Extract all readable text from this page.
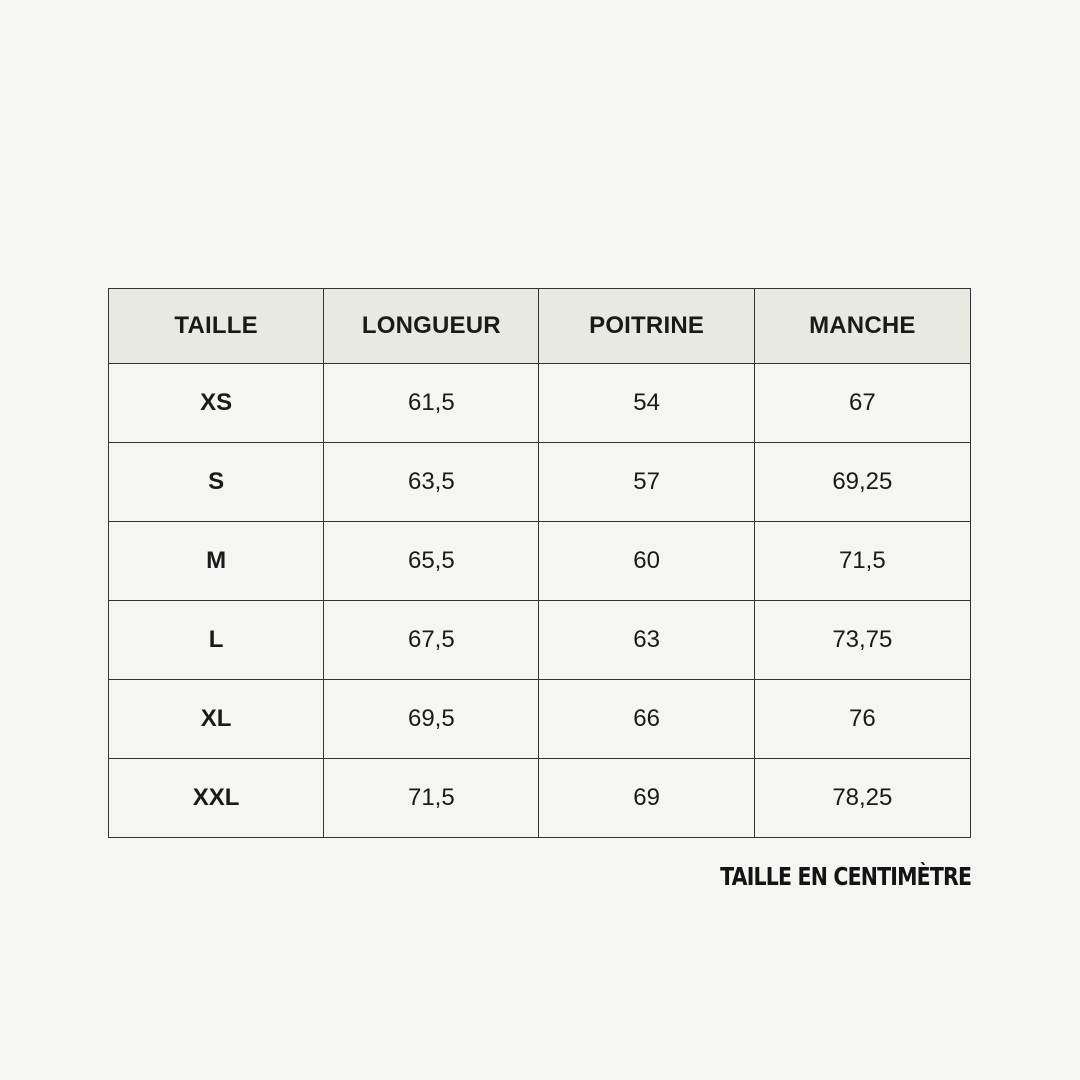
TAILLE	LONGUEUR	POITRINE	MANCHE
XS	61,5	54	67
S	63,5	57	69,25
M	65,5	60	71,5
L	67,5	63	73,75
XL	69,5	66	76
XXL	71,5	69	78,25
TAILLE EN CENTIMÈTRE
